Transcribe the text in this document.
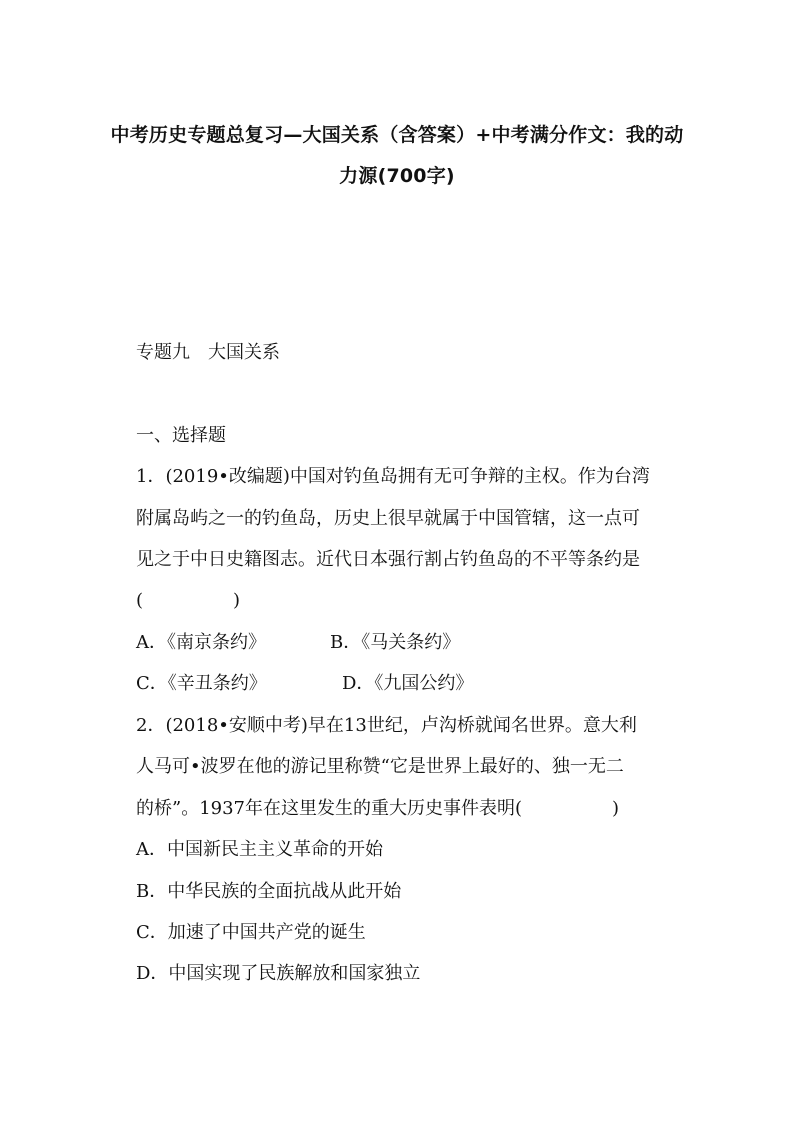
中考历史专题总复习—大国关系（含答案）+中考满分作文：我的动
力源(700字)
专题九　大国关系
一、选择题
1．(2019•改编题)中国对钓鱼岛拥有无可争辩的主权。作为台湾
附属岛屿之一的钓鱼岛，历史上很早就属于中国管辖，这一点可
见之于中日史籍图志。近代日本强行割占钓鱼岛的不平等条约是
(　　　　　)
A．《南京条约》	B．《马关条约》
C．《辛丑条约》	D．《九国公约》
2．(2018•安顺中考)早在13世纪，卢沟桥就闻名世界。意大利
人马可•波罗在他的游记里称赞“它是世界上最好的、独一无二
的桥”。1937年在这里发生的重大历史事件表明(　　　　　)
A．中国新民主主义革命的开始
B．中华民族的全面抗战从此开始
C．加速了中国共产党的诞生
D．中国实现了民族解放和国家独立
